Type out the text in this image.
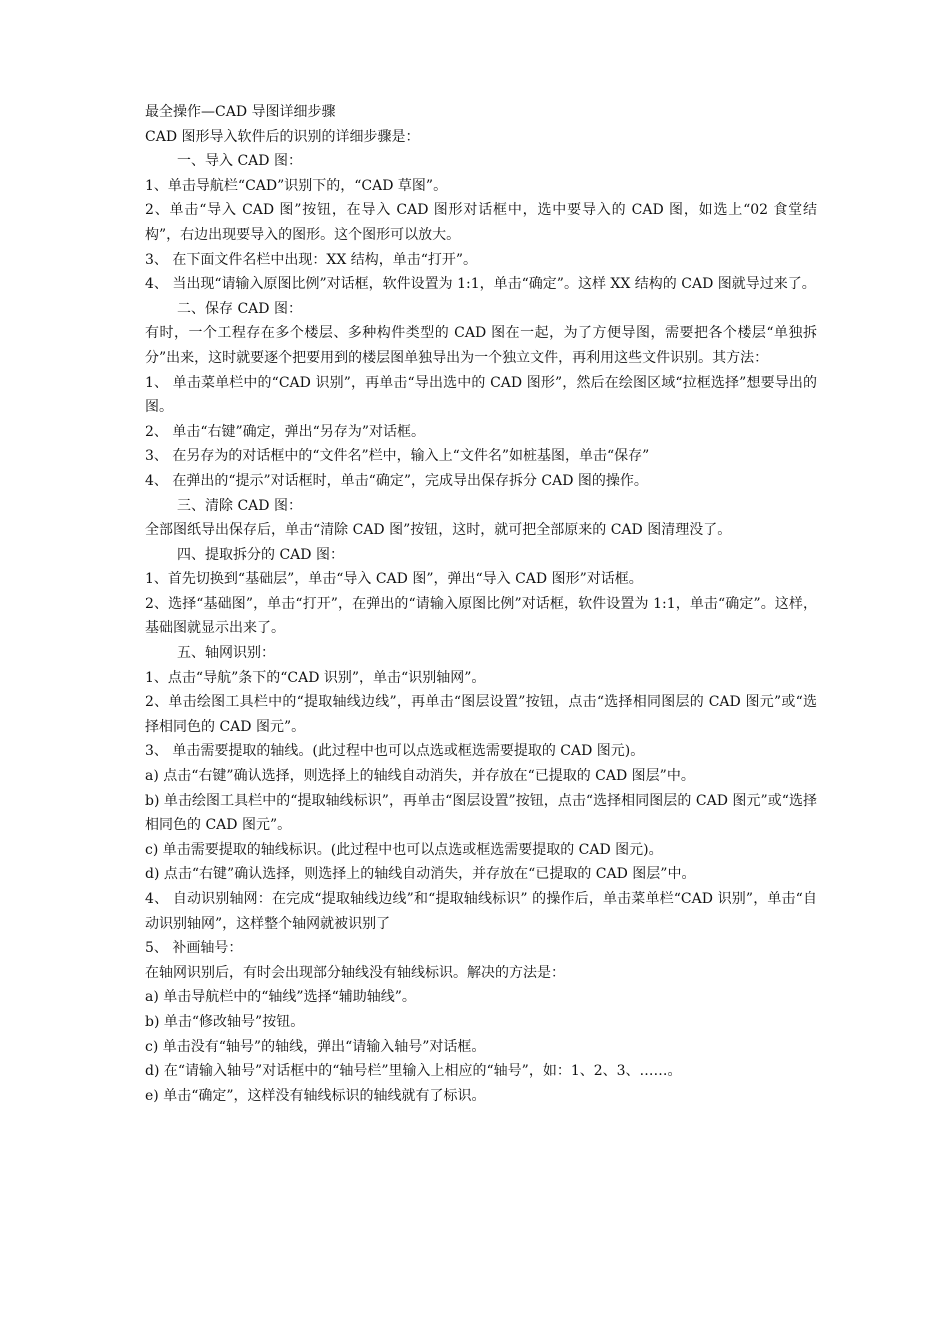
最全操作—CAD 导图详细步骤
CAD 图形导入软件后的识别的详细步骤是：
一、导入 CAD 图：
1、单击导航栏“CAD”识别下的，“CAD 草图”。
2、单击“导入 CAD 图”按钮，在导入 CAD 图形对话框中，选中要导入的 CAD 图，如选上“02 食堂结构”，右边出现要导入的图形。这个图形可以放大。
3、 在下面文件名栏中出现：XX 结构，单击“打开”。
4、 当出现“请输入原图比例”对话框，软件设置为 1:1，单击“确定”。这样 XX 结构的 CAD 图就导过来了。
二、保存 CAD 图：
有时，一个工程存在多个楼层、多种构件类型的 CAD 图在一起，为了方便导图，需要把各个楼层“单独拆分”出来，这时就要逐个把要用到的楼层图单独导出为一个独立文件，再利用这些文件识别。其方法：
1、 单击菜单栏中的“CAD 识别”，再单击“导出选中的 CAD 图形”，然后在绘图区域“拉框选择”想要导出的图。
2、 单击“右键”确定，弹出“另存为”对话框。
3、 在另存为的对话框中的“文件名”栏中，输入上“文件名”如桩基图，单击“保存”
4、 在弹出的“提示”对话框时，单击“确定”，完成导出保存拆分 CAD 图的操作。
三、清除 CAD 图：
全部图纸导出保存后，单击“清除 CAD 图”按钮，这时，就可把全部原来的 CAD 图清理没了。
四、提取拆分的 CAD 图：
1、首先切换到“基础层”，单击“导入 CAD 图”，弹出“导入 CAD 图形”对话框。
2、选择“基础图”，单击“打开”，在弹出的“请输入原图比例”对话框，软件设置为 1:1，单击“确定”。这样，基础图就显示出来了。
五、轴网识别：
1、点击“导航”条下的“CAD 识别”，单击“识别轴网”。
2、单击绘图工具栏中的“提取轴线边线”，再单击“图层设置”按钮，点击“选择相同图层的 CAD 图元”或“选择相同色的 CAD 图元”。
3、 单击需要提取的轴线。(此过程中也可以点选或框选需要提取的 CAD 图元)。
a) 点击“右键”确认选择，则选择上的轴线自动消失，并存放在“已提取的 CAD 图层”中。
b) 单击绘图工具栏中的“提取轴线标识”，再单击“图层设置”按钮，点击“选择相同图层的 CAD 图元”或“选择相同色的 CAD 图元”。
c) 单击需要提取的轴线标识。(此过程中也可以点选或框选需要提取的 CAD 图元)。
d) 点击“右键”确认选择，则选择上的轴线自动消失，并存放在“已提取的 CAD 图层”中。
4、 自动识别轴网：在完成“提取轴线边线”和“提取轴线标识” 的操作后，单击菜单栏“CAD 识别”，单击“自动识别轴网”，这样整个轴网就被识别了
5、 补画轴号：
在轴网识别后，有时会出现部分轴线没有轴线标识。解决的方法是：
a) 单击导航栏中的“轴线”选择“辅助轴线”。
b) 单击“修改轴号”按钮。
c) 单击没有“轴号”的轴线，弹出“请输入轴号”对话框。
d) 在“请输入轴号”对话框中的“轴号栏”里输入上相应的“轴号”，如：1、2、3、……。
e) 单击“确定”，这样没有轴线标识的轴线就有了标识。
